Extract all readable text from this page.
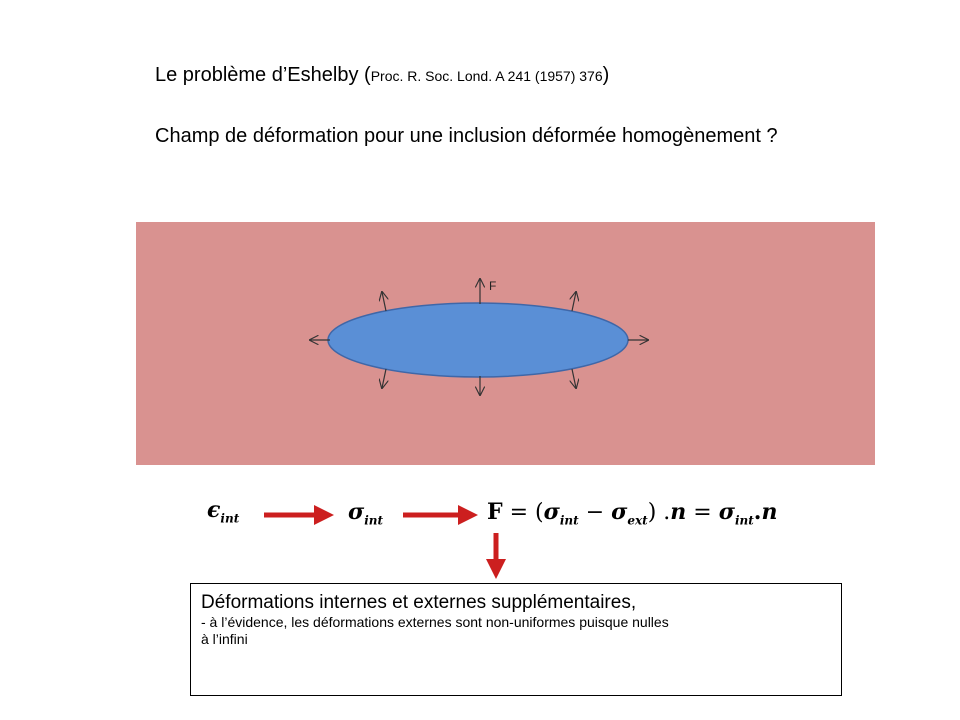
Le problème d’Eshelby (Proc. R. Soc. Lond. A 241 (1957) 376)
Champ de déformation pour une inclusion déformée homogènement ?
F
$\epsilon_{int}$	$\sigma_{int}$	$F = (\sigma_{int} - \sigma_{ext}) .n = \sigma_{int}.n$
Déformations internes et externes supplémentaires,
- à l’évidence, les déformations externes sont non-uniformes puisque nulles
à l’infini
